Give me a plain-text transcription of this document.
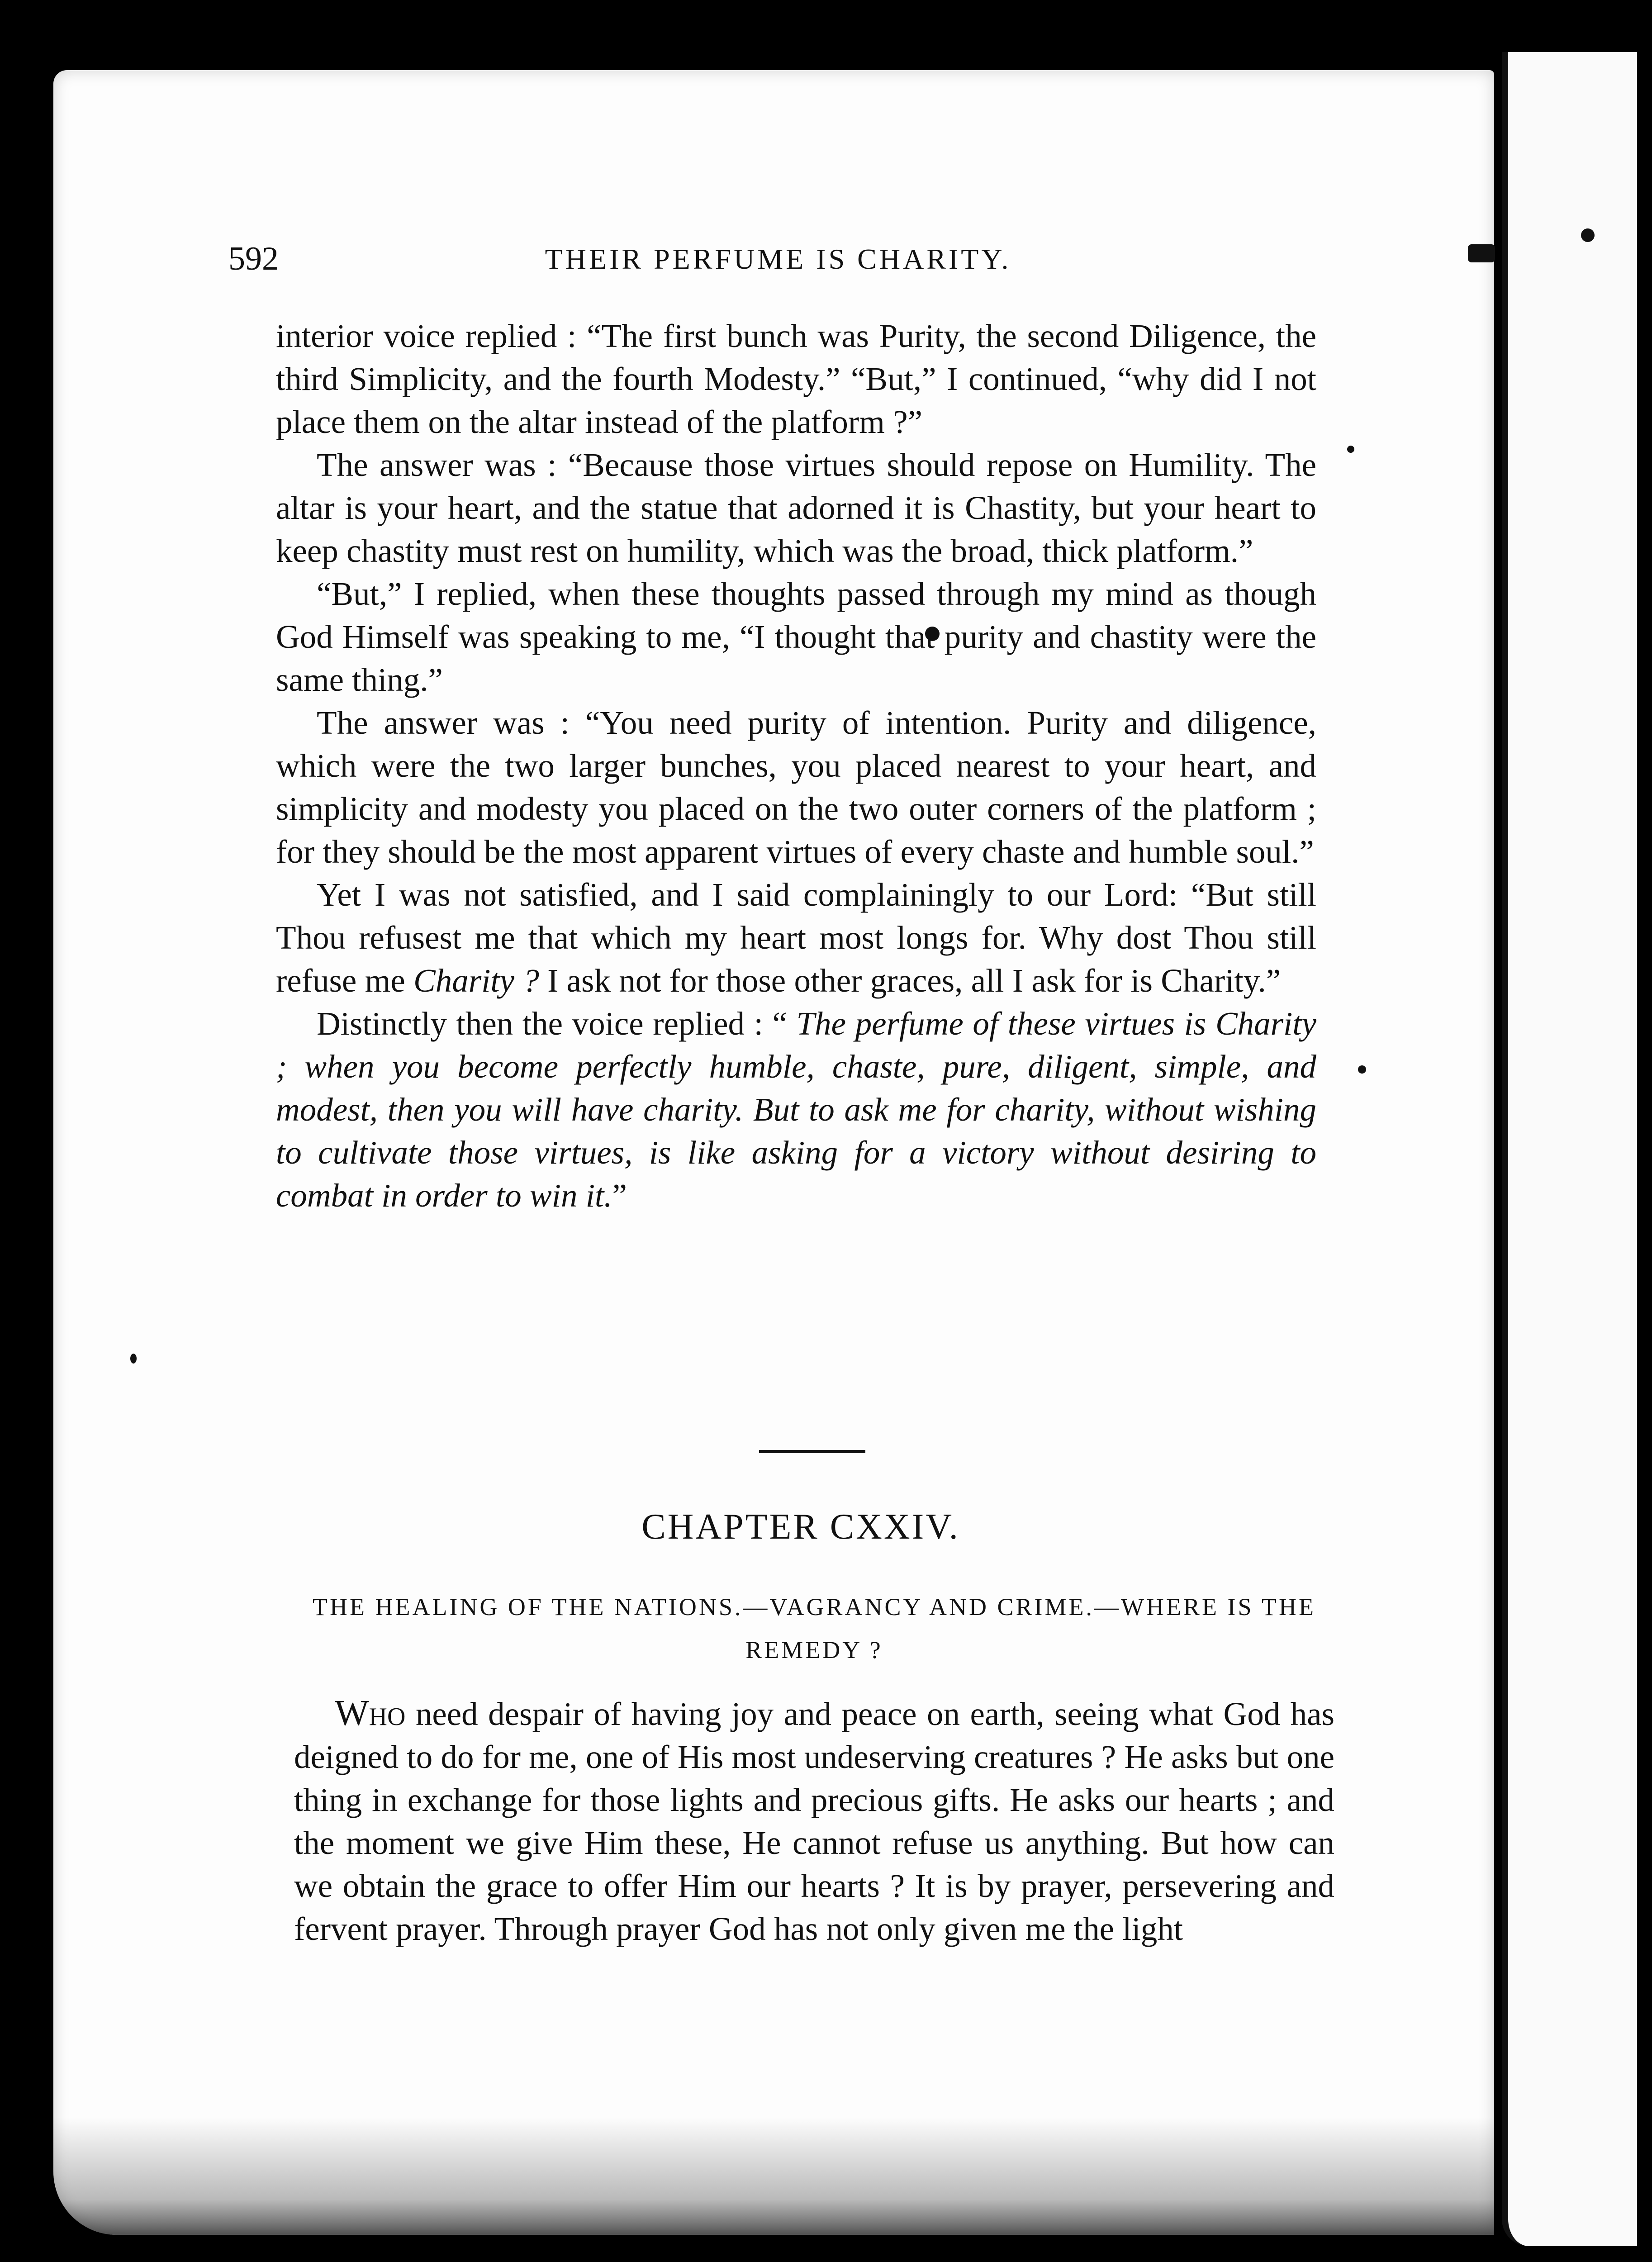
592	THEIR PERFUME IS CHARITY.

interior voice replied : “The first bunch was Purity, the second Diligence, the third Simplicity, and the fourth Modesty.” “But,” I continued, “why did I not place them on the altar instead of the platform ?”

The answer was : “Because those virtues should repose on Humility. The altar is your heart, and the statue that adorned it is Chastity, but your heart to keep chastity must rest on humility, which was the broad, thick platform.”

“But,” I replied, when these thoughts passed through my mind as though God Himself was speaking to me, “I thought that purity and chastity were the same thing.”

The answer was : “You need purity of intention. Purity and diligence, which were the two larger bunches, you placed nearest to your heart, and simplicity and modesty you placed on the two outer corners of the platform ; for they should be the most apparent virtues of every chaste and humble soul.”

Yet I was not satisfied, and I said complainingly to our Lord: “But still Thou refusest me that which my heart most longs for. Why dost Thou still refuse me Charity ? I ask not for those other graces, all I ask for is Charity.”

Distinctly then the voice replied : “ The perfume of these virtues is Charity ; when you become perfectly humble, chaste, pure, diligent, simple, and modest, then you will have charity. But to ask me for charity, without wishing to cultivate those virtues, is like asking for a victory without desiring to combat in order to win it.”

CHAPTER CXXIV.
THE HEALING OF THE NATIONS.—VAGRANCY AND CRIME.—WHERE IS THE REMEDY ?

Who need despair of having joy and peace on earth, seeing what God has deigned to do for me, one of His most undeserving creatures ? He asks but one thing in exchange for those lights and precious gifts. He asks our hearts ; and the moment we give Him these, He cannot refuse us anything. But how can we obtain the grace to offer Him our hearts ? It is by prayer, persevering and fervent prayer. Through prayer God has not only given me the light
